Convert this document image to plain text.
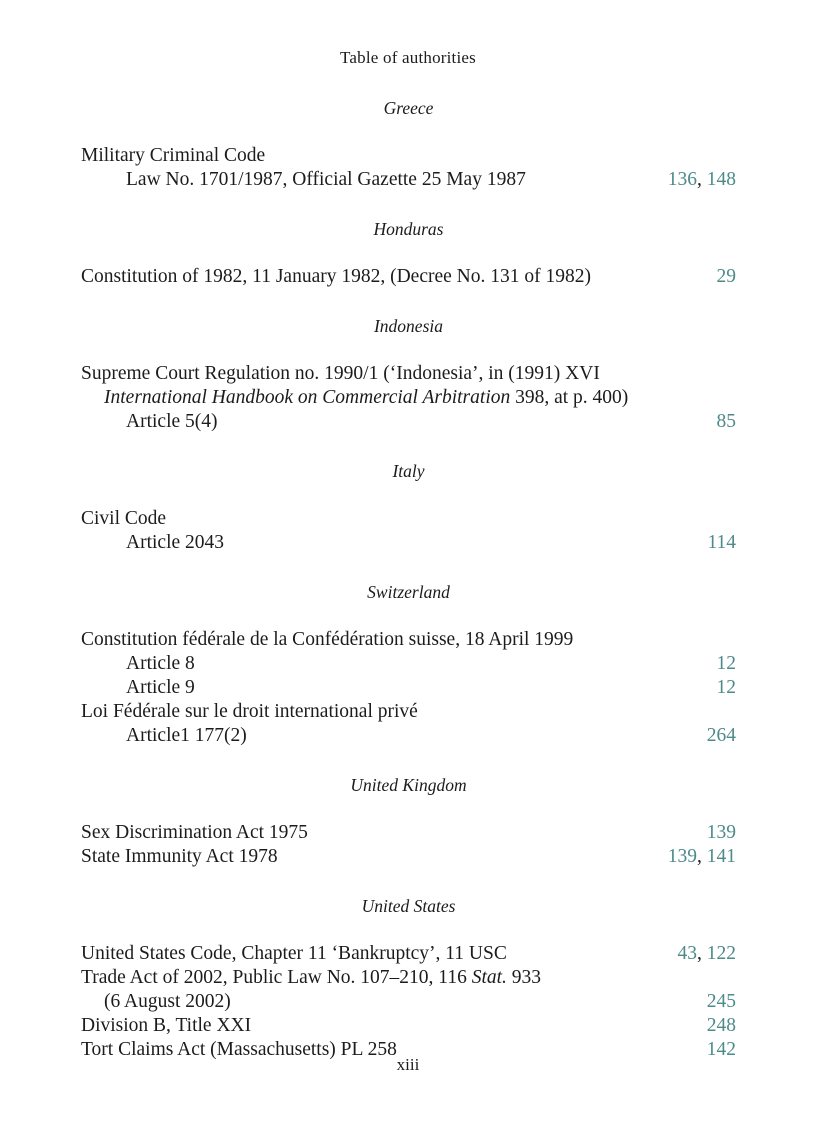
Table of authorities
Greece
Military Criminal Code
Law No. 1701/1987, Official Gazette 25 May 1987	136, 148
Honduras
Constitution of 1982, 11 January 1982, (Decree No. 131 of 1982)	29
Indonesia
Supreme Court Regulation no. 1990/1 (‘Indonesia’, in (1991) XVI
International Handbook on Commercial Arbitration 398, at p. 400)
Article 5(4)	85
Italy
Civil Code
Article 2043	114
Switzerland
Constitution fédérale de la Confédération suisse, 18 April 1999
Article 8	12
Article 9	12
Loi Fédérale sur le droit international privé
Article1 177(2)	264
United Kingdom
Sex Discrimination Act 1975	139
State Immunity Act 1978	139, 141
United States
United States Code, Chapter 11 ‘Bankruptcy’, 11 USC	43, 122
Trade Act of 2002, Public Law No. 107–210, 116 Stat. 933
(6 August 2002)	245
Division B, Title XXI	248
Tort Claims Act (Massachusetts) PL 258	142
xiii
